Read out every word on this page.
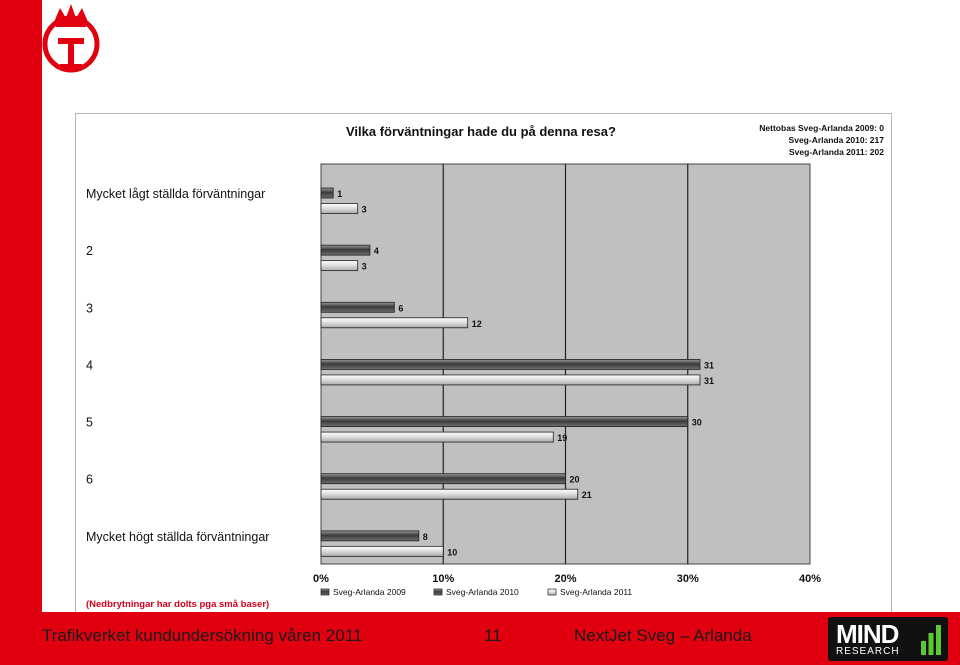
Vilka förväntningar hade du på denna resa?	Nettobas Sveg-Arlanda 2009: 0
Sveg-Arlanda 2010: 217
Sveg-Arlanda 2011: 202
0%	10%	20%	30%	40%
Mycket lågt ställda förväntningar	1
3
2	4
3
3	6
12
4	31
31
5	30
19
6	20
21
Mycket högt ställda förväntningar	8
10
Sveg-Arlanda 2009	Sveg-Arlanda 2010	Sveg-Arlanda 2011
(Nedbrytningar har dolts pga små baser)
Trafikverket kundundersökning våren 2011	11	NextJet Sveg – Arlanda	MIND
RESEARCH
